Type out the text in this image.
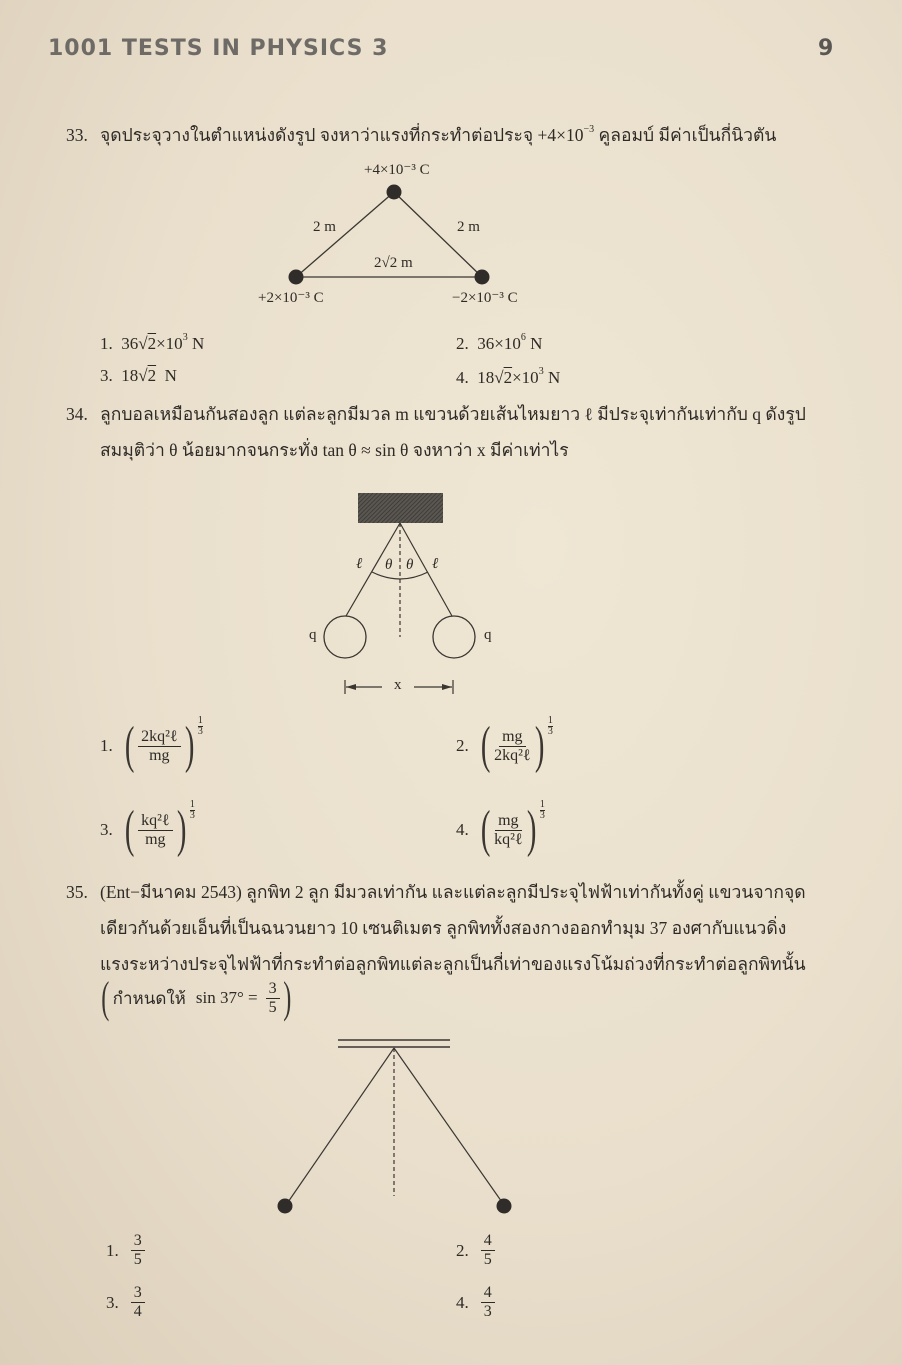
1001 TESTS IN PHYSICS 3	9
33. จุดประจุวางในตำแหน่งดังรูป จงหาว่าแรงที่กระทำต่อประจุ $+4\times 10^{-3}$ คูลอมบ์ มีค่าเป็นกี่นิวตัน
+4×10⁻³ C
+2×10⁻³ C	−2×10⁻³ C
2 m	2 m
2√2 m
1. $36√2\times 10^3$ N	2. $36\times 10^6$ N
3. 18√2  N	4. $18√2\times 10^3$ N
34. ลูกบอลเหมือนกันสองลูก แต่ละลูกมีมวล m แขวนด้วยเส้นไหมยาว ℓ มีประจุเท่ากันเท่ากับ q ดังรูป
สมมุติว่า θ น้อยมากจนกระทั่ง tan θ ≈ sin θ จงหาว่า x มีค่าเท่าไร
ℓ	ℓ
θ θ
q	q
x
1. ( $\frac{\text{2kq²ℓ}}{mg}$ ) $\frac{1}{3}$
2. ( $\frac{mg}{\text{2kq²ℓ}}$ ) $\frac{1}{3}$
3. ( $\frac{\text{kq²ℓ}}{mg}$ ) $\frac{1}{3}$
4. ( $\frac{mg}{\text{kq²ℓ}}$ ) $\frac{1}{3}$
35. (Ent−มีนาคม 2543) ลูกพิท 2 ลูก มีมวลเท่ากัน และแต่ละลูกมีประจุไฟฟ้าเท่ากันทั้งคู่ แขวนจากจุด
เดียวกันด้วยเอ็นที่เป็นฉนวนยาว 10 เซนติเมตร ลูกพิททั้งสองกางออกทำมุม 37 องศากับแนวดิ่ง
แรงระหว่างประจุไฟฟ้าที่กระทำต่อลูกพิทแต่ละลูกเป็นกี่เท่าของแรงโน้มถ่วงที่กระทำต่อลูกพิทนั้น
( กำหนดให้ $\sin 37^\circ = \frac{3}{5}$ )
1. $\frac{3}{5}$	2. $\frac{4}{5}$
3. $\frac{3}{4}$	4. $\frac{4}{3}$
